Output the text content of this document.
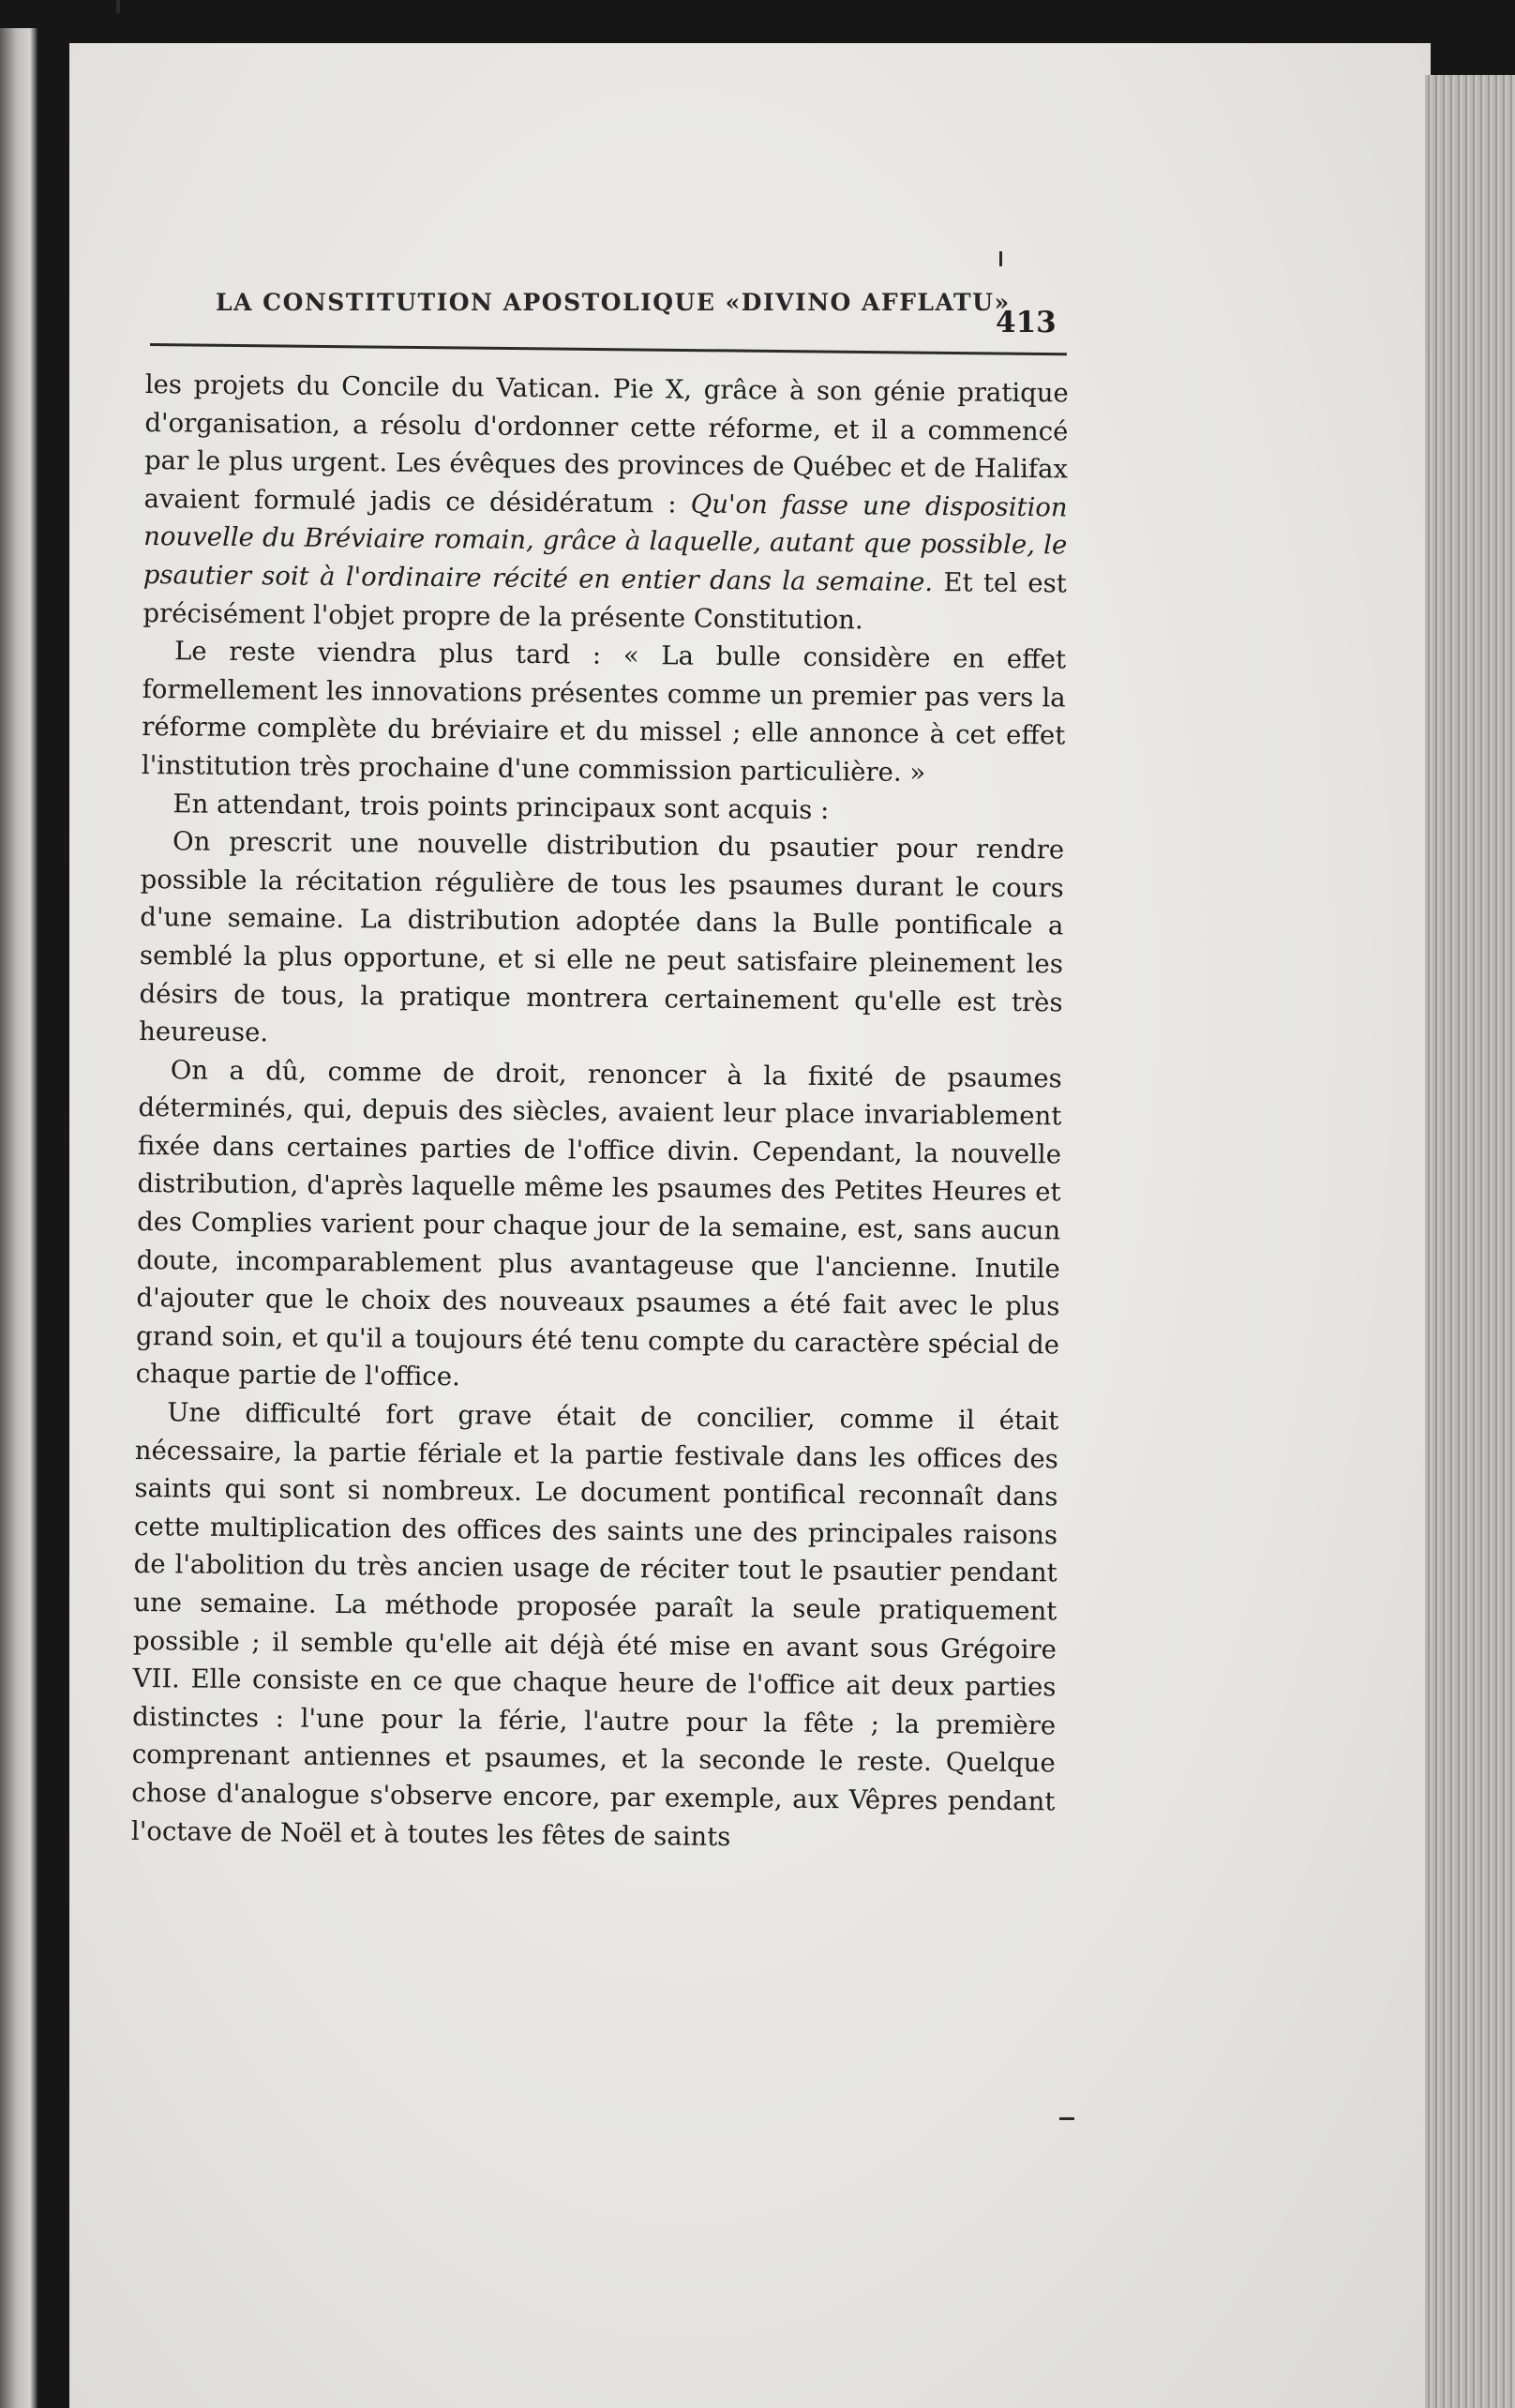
LA CONSTITUTION APOSTOLIQUE «DIVINO AFFLATU»
413

les projets du Concile du Vatican. Pie X, grâce à son génie pratique d'organisation, a résolu d'ordonner cette réforme, et il a commencé par le plus urgent. Les évêques des provinces de Québec et de Halifax avaient formulé jadis ce désidératum : Qu'on fasse une disposition nouvelle du Bréviaire romain, grâce à laquelle, autant que possible, le psautier soit à l'ordinaire récité en entier dans la semaine. Et tel est précisément l'objet propre de la présente Constitution.

Le reste viendra plus tard : « La bulle considère en effet formellement les innovations présentes comme un premier pas vers la réforme complète du bréviaire et du missel ; elle annonce à cet effet l'institution très prochaine d'une commission particulière. »

En attendant, trois points principaux sont acquis :

On prescrit une nouvelle distribution du psautier pour rendre possible la récitation régulière de tous les psaumes durant le cours d'une semaine. La distribution adoptée dans la Bulle pontificale a semblé la plus opportune, et si elle ne peut satisfaire pleinement les désirs de tous, la pratique montrera certainement qu'elle est très heureuse.

On a dû, comme de droit, renoncer à la fixité de psaumes déterminés, qui, depuis des siècles, avaient leur place invariablement fixée dans certaines parties de l'office divin. Cependant, la nouvelle distribution, d'après laquelle même les psaumes des Petites Heures et des Complies varient pour chaque jour de la semaine, est, sans aucun doute, incomparablement plus avantageuse que l'ancienne. Inutile d'ajouter que le choix des nouveaux psaumes a été fait avec le plus grand soin, et qu'il a toujours été tenu compte du caractère spécial de chaque partie de l'office.

Une difficulté fort grave était de concilier, comme il était nécessaire, la partie fériale et la partie festivale dans les offices des saints qui sont si nombreux. Le document pontifical reconnaît dans cette multiplication des offices des saints une des principales raisons de l'abolition du très ancien usage de réciter tout le psautier pendant une semaine. La méthode proposée paraît la seule pratiquement possible ; il semble qu'elle ait déjà été mise en avant sous Grégoire VII. Elle consiste en ce que chaque heure de l'office ait deux parties distinctes : l'une pour la férie, l'autre pour la fête ; la première comprenant antiennes et psaumes, et la seconde le reste. Quelque chose d'analogue s'observe encore, par exemple, aux Vêpres pendant l'octave de Noël et à toutes les fêtes de saints
